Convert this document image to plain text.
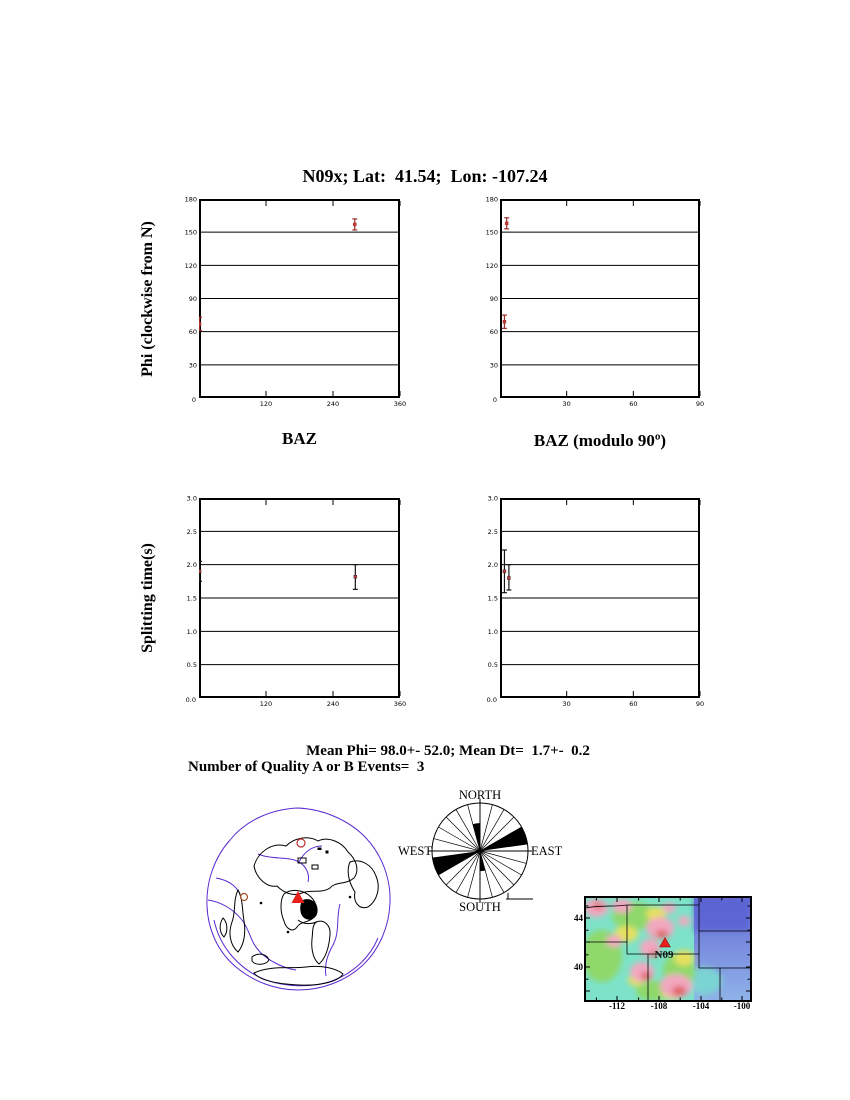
N09x; Lat:  41.54;  Lon: -107.24
Phi (clockwise from N)
Splitting time(s)
30
60
90
120
150
180
120	240	360
0
30
60
90
120
150
180
30	60	90
0
0.5
1.0
1.5
2.0
2.5
3.0
120	240	360
0.0
0.5
1.0
1.5
2.0
2.5
3.0
30	60	90
0.0
BAZ	BAZ (modulo 90º)
Mean Phi= 98.0+- 52.0; Mean Dt=  1.7+-  0.2
Number of Quality A or B Events=  3
NORTH
WEST	EAST
SOUTH
N09
-112	-108	-104	-100
44
40
